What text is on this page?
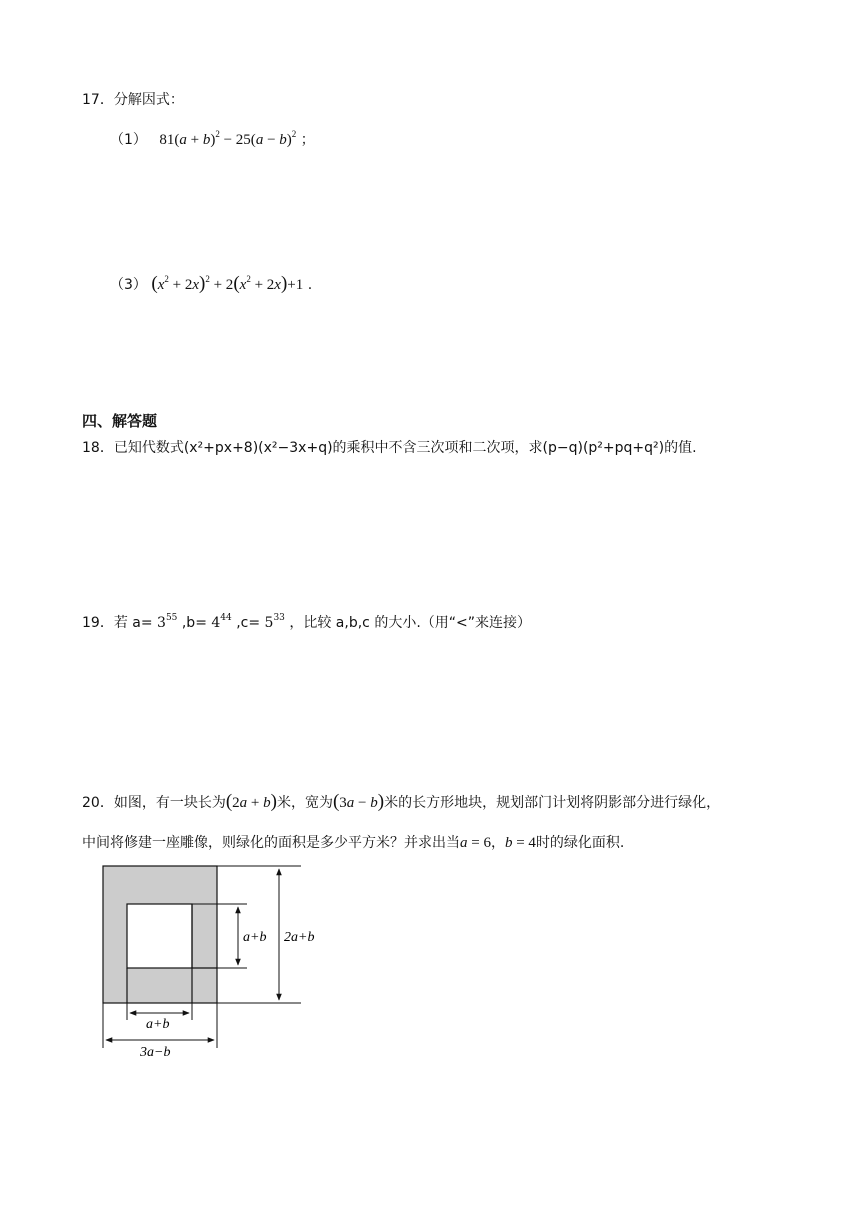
17．分解因式：
（1） $81(a + b)^2 - 25(a - b)^2$ ；
（3） $(x^2 + 2x)^2 + 2(x^2 + 2x)+1$ .
四、解答题
18．已知代数式(x²+px+8)(x²−3x+q)的乘积中不含三次项和二次项，求(p−q)(p²+pq+q²)的值.
19．若 $a= 3^{55}$ $,b= 4^{44}$ $,c= 5^{33}$ ，比较 a,b,c 的大小.（用“<”来连接）
20．如图，有一块长为(2a + b)米，宽为(3a − b)米的长方形地块，规划部门计划将阴影部分进行绿化，
中间将修建一座雕像，则绿化的面积是多少平方米？并求出当a = 6，b = 4时的绿化面积.
a+b 2a+b
a+b
3a−b
